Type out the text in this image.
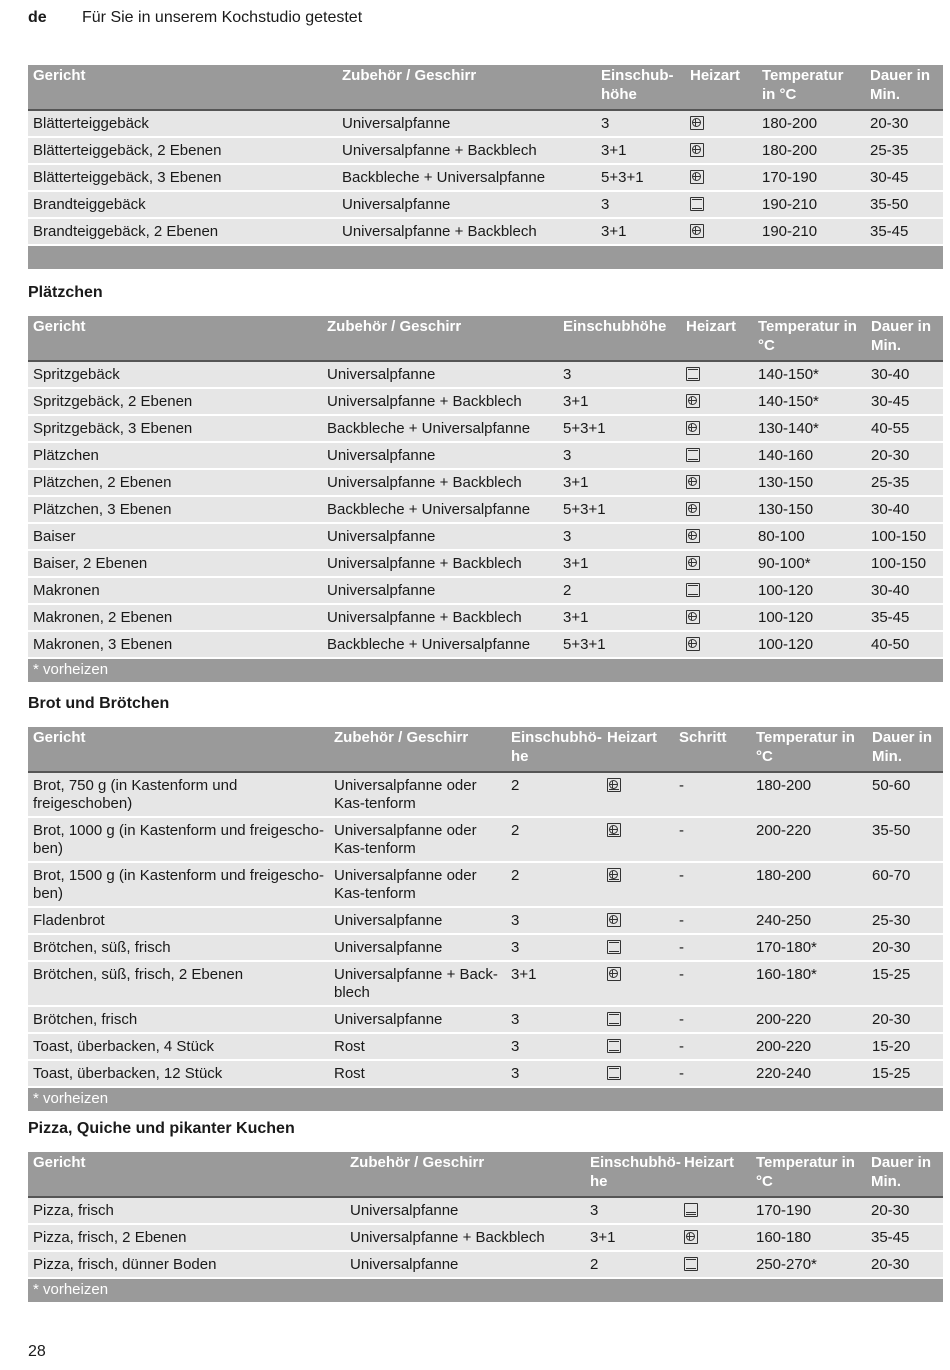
de Für Sie in unserem Kochstudio getestet
Gericht	Zubehör / Geschirr	Einschub-höhe	Heizart	Temperatur in °C	Dauer in Min.
Blätterteiggebäck	Universalpfanne	3		180-200	20-30
Blätterteiggebäck, 2 Ebenen	Universalpfanne + Backblech	3+1		180-200	25-35
Blätterteiggebäck, 3 Ebenen	Backbleche + Universalpfanne	5+3+1		170-190	30-45
Brandteiggebäck	Universalpfanne	3		190-210	35-50
Brandteiggebäck, 2 Ebenen	Universalpfanne + Backblech	3+1		190-210	35-45

Plätzchen
Gericht	Zubehör / Geschirr	Einschubhöhe	Heizart	Temperatur in °C	Dauer in Min.
Spritzgebäck	Universalpfanne	3		140-150*	30-40
Spritzgebäck, 2 Ebenen	Universalpfanne + Backblech	3+1		140-150*	30-45
Spritzgebäck, 3 Ebenen	Backbleche + Universalpfanne	5+3+1		130-140*	40-55
Plätzchen	Universalpfanne	3		140-160	20-30
Plätzchen, 2 Ebenen	Universalpfanne + Backblech	3+1		130-150	25-35
Plätzchen, 3 Ebenen	Backbleche + Universalpfanne	5+3+1		130-150	30-40
Baiser	Universalpfanne	3		80-100	100-150
Baiser, 2 Ebenen	Universalpfanne + Backblech	3+1		90-100*	100-150
Makronen	Universalpfanne	2		100-120	30-40
Makronen, 2 Ebenen	Universalpfanne + Backblech	3+1		100-120	35-45
Makronen, 3 Ebenen	Backbleche + Universalpfanne	5+3+1		100-120	40-50
* vorheizen					
Brot und Brötchen
Gericht	Zubehör / Geschirr	Einschubhö-he	Heizart	Schritt	Temperatur in °C	Dauer in Min.
Brot, 750 g (in Kastenform und freigeschoben)	Universalpfanne oder Kas-tenform	2		-	180-200	50-60
Brot, 1000 g (in Kastenform und freigescho-ben)	Universalpfanne oder Kas-tenform	2		-	200-220	35-50
Brot, 1500 g (in Kastenform und freigescho-ben)	Universalpfanne oder Kas-tenform	2		-	180-200	60-70
Fladenbrot	Universalpfanne	3		-	240-250	25-30
Brötchen, süß, frisch	Universalpfanne	3		-	170-180*	20-30
Brötchen, süß, frisch, 2 Ebenen	Universalpfanne + Back-blech	3+1		-	160-180*	15-25
Brötchen, frisch	Universalpfanne	3		-	200-220	20-30
Toast, überbacken, 4 Stück	Rost	3		-	200-220	15-20
Toast, überbacken, 12 Stück	Rost	3		-	220-240	15-25
* vorheizen						
Pizza, Quiche und pikanter Kuchen
Gericht	Zubehör / Geschirr	Einschubhö-he	Heizart	Temperatur in °C	Dauer in Min.
Pizza, frisch	Universalpfanne	3		170-190	20-30
Pizza, frisch, 2 Ebenen	Universalpfanne + Backblech	3+1		160-180	35-45
Pizza, frisch, dünner Boden	Universalpfanne	2		250-270*	20-30
* vorheizen					
28
